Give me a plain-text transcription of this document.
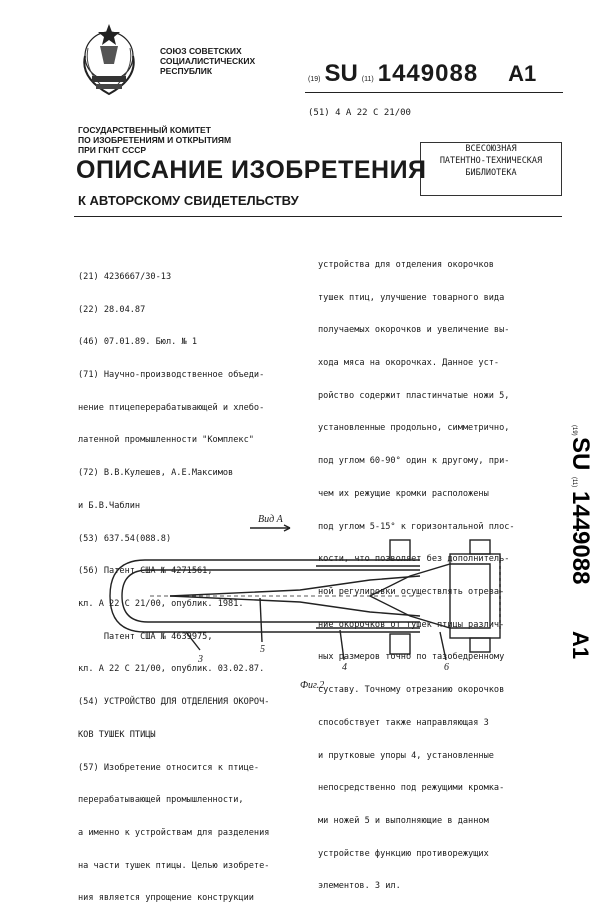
СОЮЗ СОВЕТСКИХ
СОЦИАЛИСТИЧЕСКИХ
РЕСПУБЛИК
(19) SU (11) 1449088 A1
(51) 4 A 22 C 21/00
ГОСУДАРСТВЕННЫЙ КОМИТЕТ
ПО ИЗОБРЕТЕНИЯМ И ОТКРЫТИЯМ
ПРИ ГКНТ СССР	ВСЕСОЮЗНАЯ
ПАТЕНТНО-ТЕХНИЧЕСКАЯ
БИБЛИОТЕКА
ОПИСАНИЕ ИЗОБРЕТЕНИЯ
К АВТОРСКОМУ СВИДЕТЕЛЬСТВУ

(21) 4236667/30-13

(22) 28.04.87

(46) 07.01.89. Бюл. № 1

(71) Научно-производственное объеди-

нение птицеперерабатывающей и хлебо-

латенной промышленности "Комплекс"

(72) В.В.Кулешев, А.Е.Максимов

и Б.В.Чаблин

(53) 637.54(088.8)

(56) Патент США № 4271561,

кл. А 22 С 21/00, опублик. 1981.

Патент США № 4639975,

кл. А 22 С 21/00, опублик. 03.02.87.

(54) УСТРОЙСТВО ДЛЯ ОТДЕЛЕНИЯ ОКОРОЧ-

КОВ ТУШЕК ПТИЦЫ

(57) Изобретение относится к птице-

перерабатывающей промышленности,

а именно к устройствам для разделения

на части тушек птицы. Целью изобрете-

ния является упрощение конструкции

устройства для отделения окорочков

тушек птиц, улучшение товарного вида

получаемых окорочков и увеличение вы-

хода мяса на окорочках. Данное уст-

ройство содержит пластинчатые ножи 5,

установленные продольно, симметрично,

под углом 60-90° один к другому, при-

чем их режущие кромки расположены

под углом 5-15° к горизонтальной плос-

кости, что позволяет без дополнитель-

ной регулировки осуществлять отреза-

ние окорочков от тушек птицы различ-

ных размеров точно по тазобедренному

суставу. Точному отрезанию окорочков

способствует также направляющая 3

и прутковые упоры 4, установленные

непосредственно под режущими кромка-

ми ножей 5 и выполняющие в данном

устройстве функцию противорежущих

элементов. 3 ил.

(19)
SU
(11)
1449088
A1
Вид А
3
5
4	6
Фиг.2
